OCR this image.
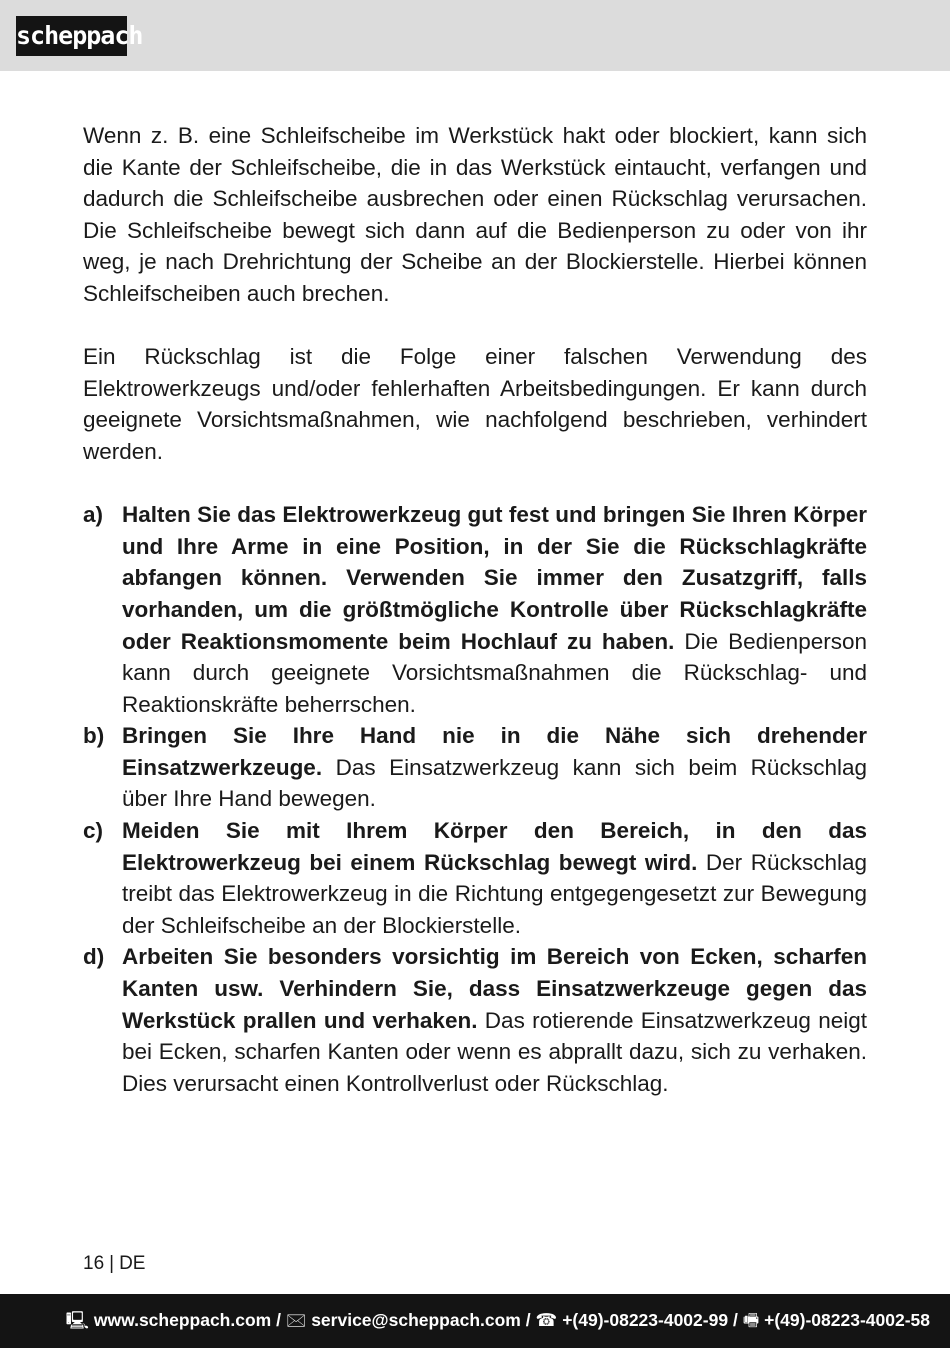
scheppach

Wenn z. B. eine Schleifscheibe im Werkstück hakt oder blockiert, kann sich die Kante der Schleifscheibe, die in das Werkstück eintaucht, verfangen und dadurch die Schleifscheibe ausbrechen oder einen Rückschlag verursachen. Die Schleifscheibe bewegt sich dann auf die Bedienperson zu oder von ihr weg, je nach Drehrichtung der Scheibe an der Blockierstelle. Hierbei können Schleifscheiben auch brechen.

Ein Rückschlag ist die Folge einer falschen Verwendung des Elektrowerkzeugs und/oder fehlerhaften Arbeitsbedingungen. Er kann durch geeignete Vorsichtsmaßnahmen, wie nachfolgend beschrieben, verhindert werden.

a) Halten Sie das Elektrowerkzeug gut fest und bringen Sie Ihren Körper und Ihre Arme in eine Position, in der Sie die Rückschlagkräfte abfangen können. Verwenden Sie immer den Zusatzgriff, falls vorhanden, um die größtmögliche Kontrolle über Rückschlagkräfte oder Reaktionsmomente beim Hochlauf zu haben. Die Bedienperson kann durch geeignete Vorsichtsmaßnahmen die Rückschlag- und Reaktionskräfte beherrschen.
b) Bringen Sie Ihre Hand nie in die Nähe sich drehender Einsatzwerkzeuge. Das Einsatzwerkzeug kann sich beim Rückschlag über Ihre Hand bewegen.
c) Meiden Sie mit Ihrem Körper den Bereich, in den das Elektrowerkzeug bei einem Rückschlag bewegt wird. Der Rückschlag treibt das Elektrowerkzeug in die Richtung entgegengesetzt zur Bewegung der Schleifscheibe an der Blockierstelle.
d) Arbeiten Sie besonders vorsichtig im Bereich von Ecken, scharfen Kanten usw. Verhindern Sie, dass Einsatzwerkzeuge gegen das Werkstück prallen und verhaken. Das rotierende Einsatzwerkzeug neigt bei Ecken, scharfen Kanten oder wenn es abprallt dazu, sich zu verhaken. Dies verursacht einen Kontrollverlust oder Rückschlag.
16 | DE
🖳 www.scheppach.com / 🖂 service@scheppach.com / ☎ +(49)-08223-4002-99 / 🖷 +(49)-08223-4002-58
